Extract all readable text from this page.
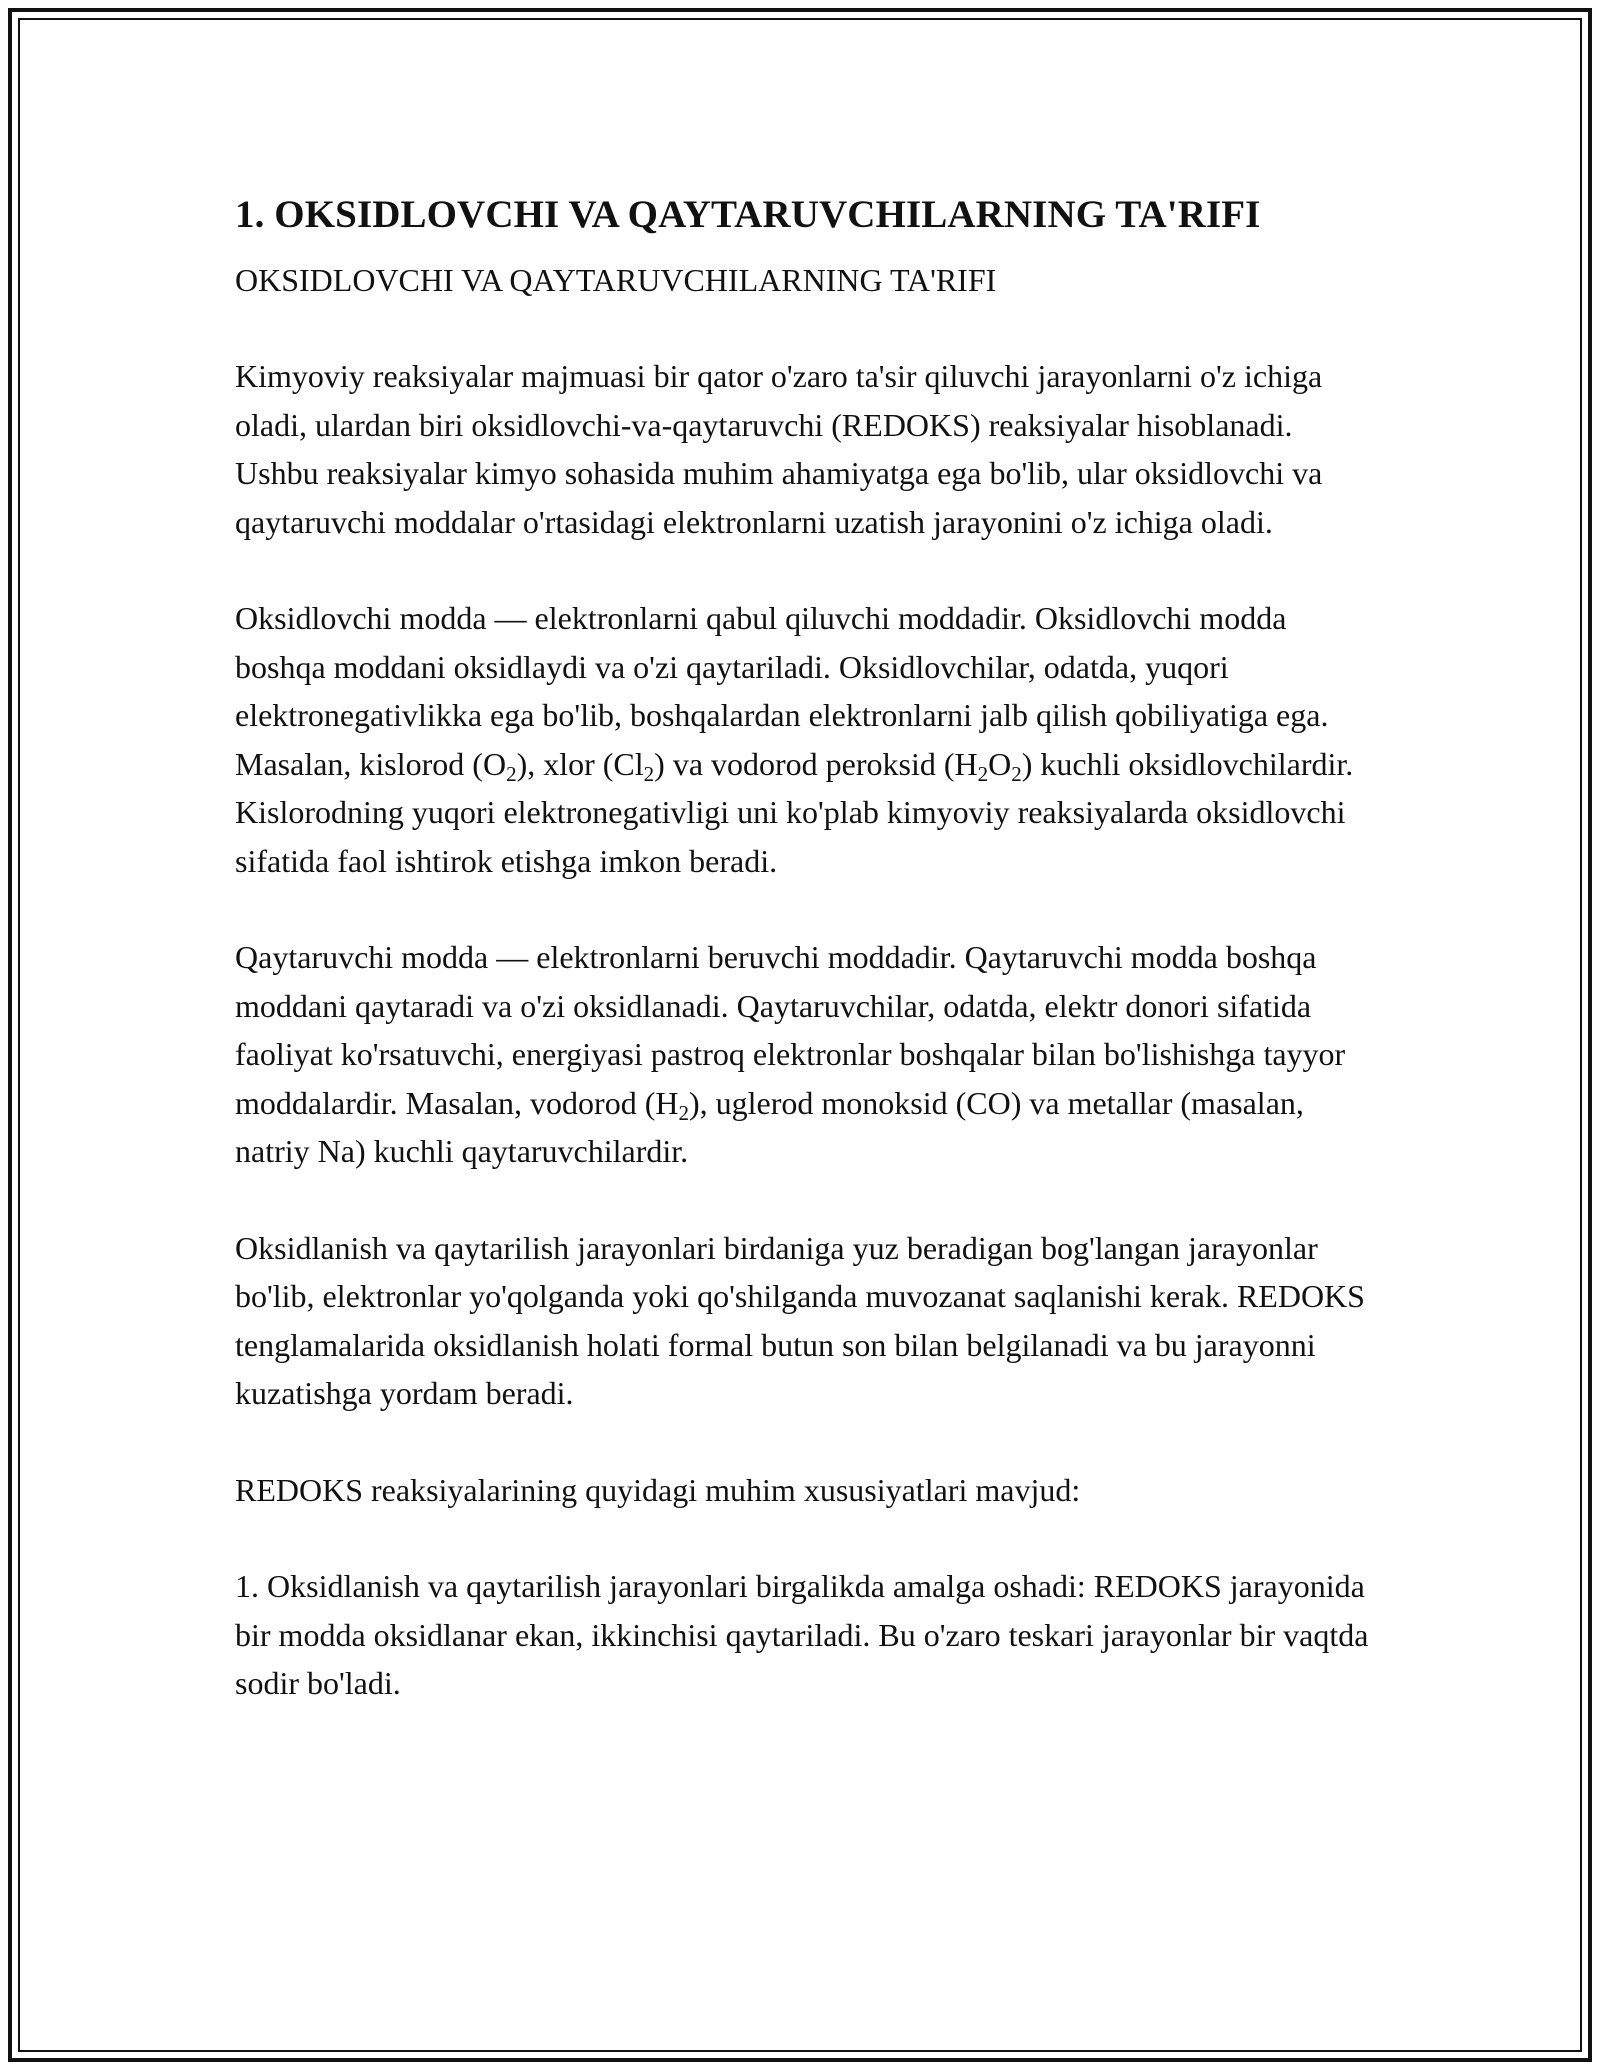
1. OKSIDLOVCHI VA QAYTARUVCHILARNING TA'RIFI
OKSIDLOVCHI VA QAYTARUVCHILARNING TA'RIFI

Kimyoviy reaksiyalar majmuasi bir qator o'zaro ta'sir qiluvchi jarayonlarni o'z ichiga oladi, ulardan biri oksidlovchi-va-qaytaruvchi (REDOKS) reaksiyalar hisoblanadi. Ushbu reaksiyalar kimyo sohasida muhim ahamiyatga ega bo'lib, ular oksidlovchi va qaytaruvchi moddalar o'rtasidagi elektronlarni uzatish jarayonini o'z ichiga oladi.

Oksidlovchi modda — elektronlarni qabul qiluvchi moddadir. Oksidlovchi modda boshqa moddani oksidlaydi va o'zi qaytariladi. Oksidlovchilar, odatda, yuqori elektronegativlikka ega bo'lib, boshqalardan elektronlarni jalb qilish qobiliyatiga ega. Masalan, kislorod $(O_2)$, xlor $(Cl_2)$ va vodorod peroksid $(H_2O_2)$ kuchli oksidlovchilardir. Kislorodning yuqori elektronegativligi uni ko'plab kimyoviy reaksiyalarda oksidlovchi sifatida faol ishtirok etishga imkon beradi.

Qaytaruvchi modda — elektronlarni beruvchi moddadir. Qaytaruvchi modda boshqa moddani qaytaradi va o'zi oksidlanadi. Qaytaruvchilar, odatda, elektr donori sifatida faoliyat ko'rsatuvchi, energiyasi pastroq elektronlar boshqalar bilan bo'lishishga tayyor moddalardir. Masalan, vodorod $(H_2)$, uglerod monoksid (CO) va metallar (masalan, natriy Na) kuchli qaytaruvchilardir.

Oksidlanish va qaytarilish jarayonlari birdaniga yuz beradigan bog'langan jarayonlar bo'lib, elektronlar yo'qolganda yoki qo'shilganda muvozanat saqlanishi kerak. REDOKS tenglamalarida oksidlanish holati formal butun son bilan belgilanadi va bu jarayonni kuzatishga yordam beradi.

REDOKS reaksiyalarining quyidagi muhim xususiyatlari mavjud:

1. Oksidlanish va qaytarilish jarayonlari birgalikda amalga oshadi: REDOKS jarayonida bir modda oksidlanar ekan, ikkinchisi qaytariladi. Bu o'zaro teskari jarayonlar bir vaqtda sodir bo'ladi.
